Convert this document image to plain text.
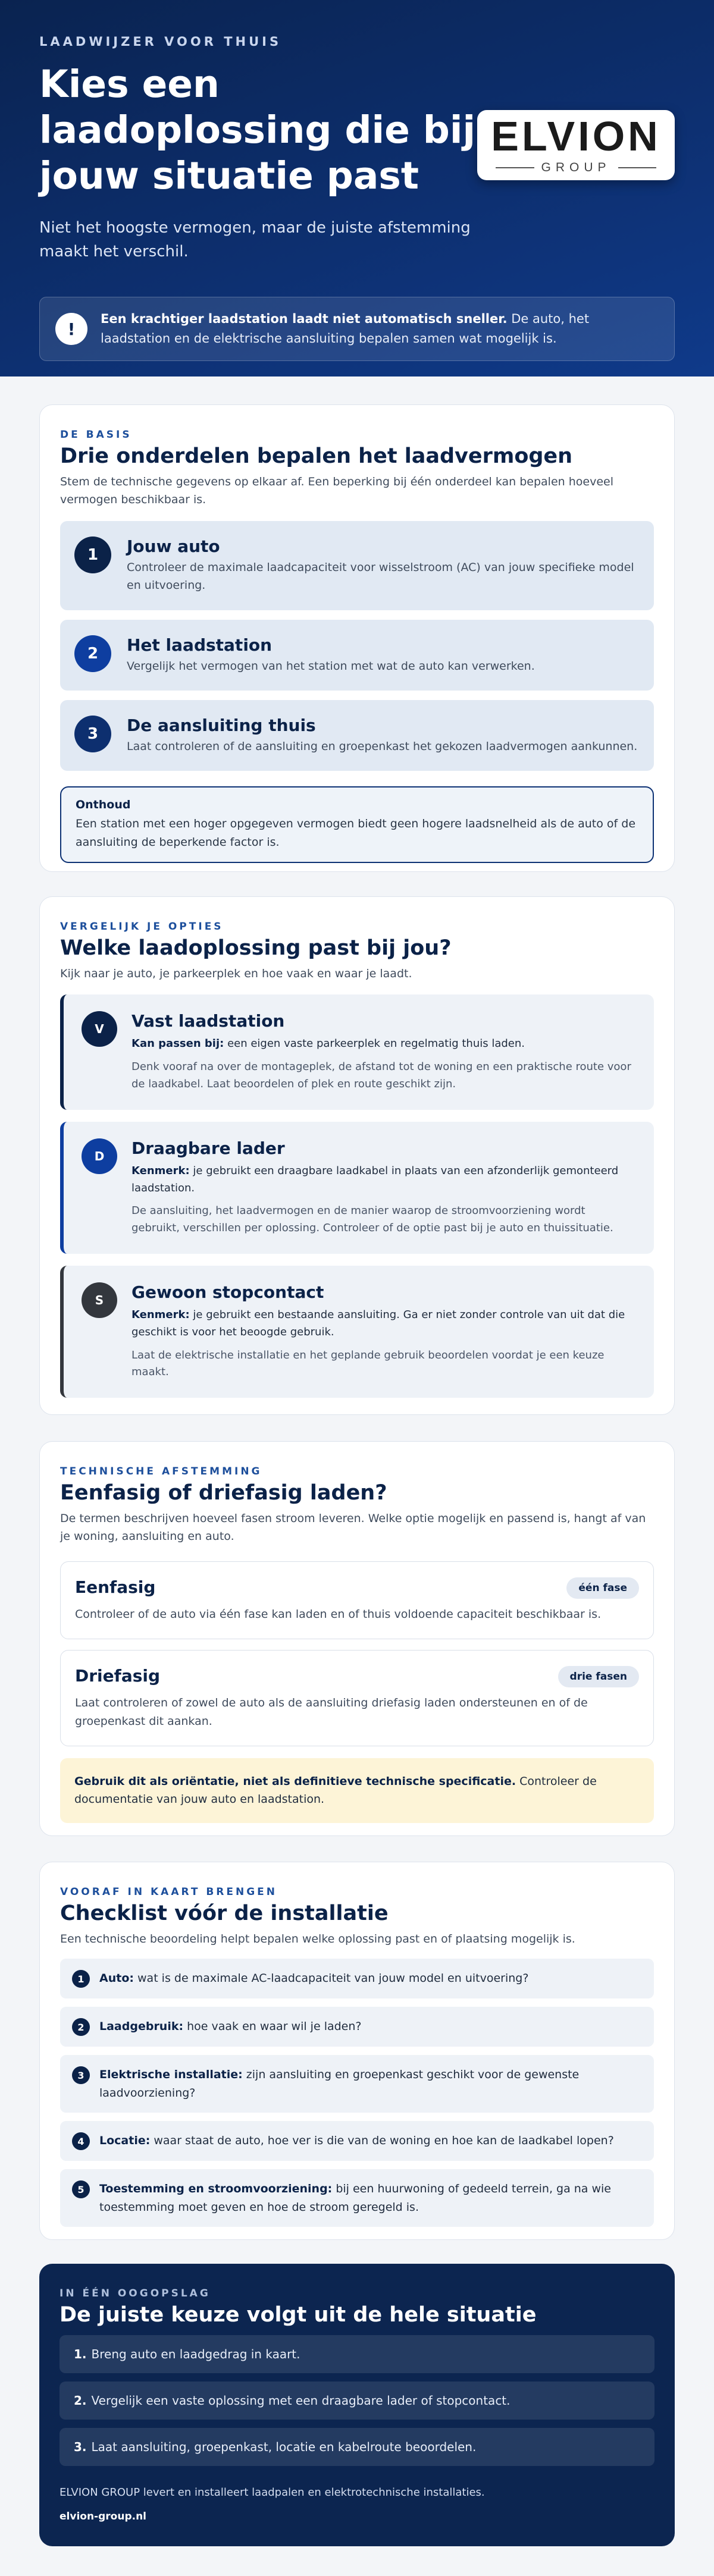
LAADWIJZER VOOR THUIS
Kies een laadoplossing die bij jouw situatie past

Niet het hoogste vermogen, maar de juiste afstemming maakt het verschil.

ELVION
GROUP
!
Een krachtiger laadstation laadt niet automatisch sneller. De auto, het laadstation en de elektrische aansluiting bepalen samen wat mogelijk is.
DE BASIS
Drie onderdelen bepalen het laadvermogen

Stem de technische gegevens op elkaar af. Een beperking bij één onderdeel kan bepalen hoeveel vermogen beschikbaar is.

1	Jouw auto
Controleer de maximale laadcapaciteit voor wisselstroom (AC) van jouw specifieke model en uitvoering.
2	Het laadstation
Vergelijk het vermogen van het station met wat de auto kan verwerken.
3	De aansluiting thuis
Laat controleren of de aansluiting en groepenkast het gekozen laadvermogen aankunnen.
Onthoud
Een station met een hoger opgegeven vermogen biedt geen hogere laadsnelheid als de auto of de aansluiting de beperkende factor is.
VERGELIJK JE OPTIES
Welke laadoplossing past bij jou?

Kijk naar je auto, je parkeerplek en hoe vaak en waar je laadt.

V	Vast laadstation
Kan passen bij: een eigen vaste parkeerplek en regelmatig thuis laden.
Denk vooraf na over de montageplek, de afstand tot de woning en een praktische route voor de laadkabel. Laat beoordelen of plek en route geschikt zijn.
D	Draagbare lader
Kenmerk: je gebruikt een draagbare laadkabel in plaats van een afzonderlijk gemonteerd laadstation.
De aansluiting, het laadvermogen en de manier waarop de stroomvoorziening wordt gebruikt, verschillen per oplossing. Controleer of de optie past bij je auto en thuissituatie.
S	Gewoon stopcontact
Kenmerk: je gebruikt een bestaande aansluiting. Ga er niet zonder controle van uit dat die geschikt is voor het beoogde gebruik.
Laat de elektrische installatie en het geplande gebruik beoordelen voordat je een keuze maakt.
TECHNISCHE AFSTEMMING
Eenfasig of driefasig laden?

De termen beschrijven hoeveel fasen stroom leveren. Welke optie mogelijk en passend is, hangt af van je woning, aansluiting en auto.

Eenfasig	één fase
Controleer of de auto via één fase kan laden en of thuis voldoende capaciteit beschikbaar is.
Driefasig	drie fasen
Laat controleren of zowel de auto als de aansluiting driefasig laden ondersteunen en of de groepenkast dit aankan.
Gebruik dit als oriëntatie, niet als definitieve technische specificatie. Controleer de documentatie van jouw auto en laadstation.
VOORAF IN KAART BRENGEN
Checklist vóór de installatie

Een technische beoordeling helpt bepalen welke oplossing past en of plaatsing mogelijk is.

1	Auto: wat is de maximale AC-laadcapaciteit van jouw model en uitvoering?
2	Laadgebruik: hoe vaak en waar wil je laden?
3	Elektrische installatie: zijn aansluiting en groepenkast geschikt voor de gewenste laadvoorziening?
4	Locatie: waar staat de auto, hoe ver is die van de woning en hoe kan de laadkabel lopen?
5	Toestemming en stroomvoorziening: bij een huurwoning of gedeeld terrein, ga na wie toestemming moet geven en hoe de stroom geregeld is.
IN ÉÉN OOGOPSLAG
De juiste keuze volgt uit de hele situatie
1. Breng auto en laadgedrag in kaart.
2. Vergelijk een vaste oplossing met een draagbare lader of stopcontact.
3. Laat aansluiting, groepenkast, locatie en kabelroute beoordelen.
ELVION GROUP levert en installeert laadpalen en elektrotechnische installaties.
elvion-group.nl
